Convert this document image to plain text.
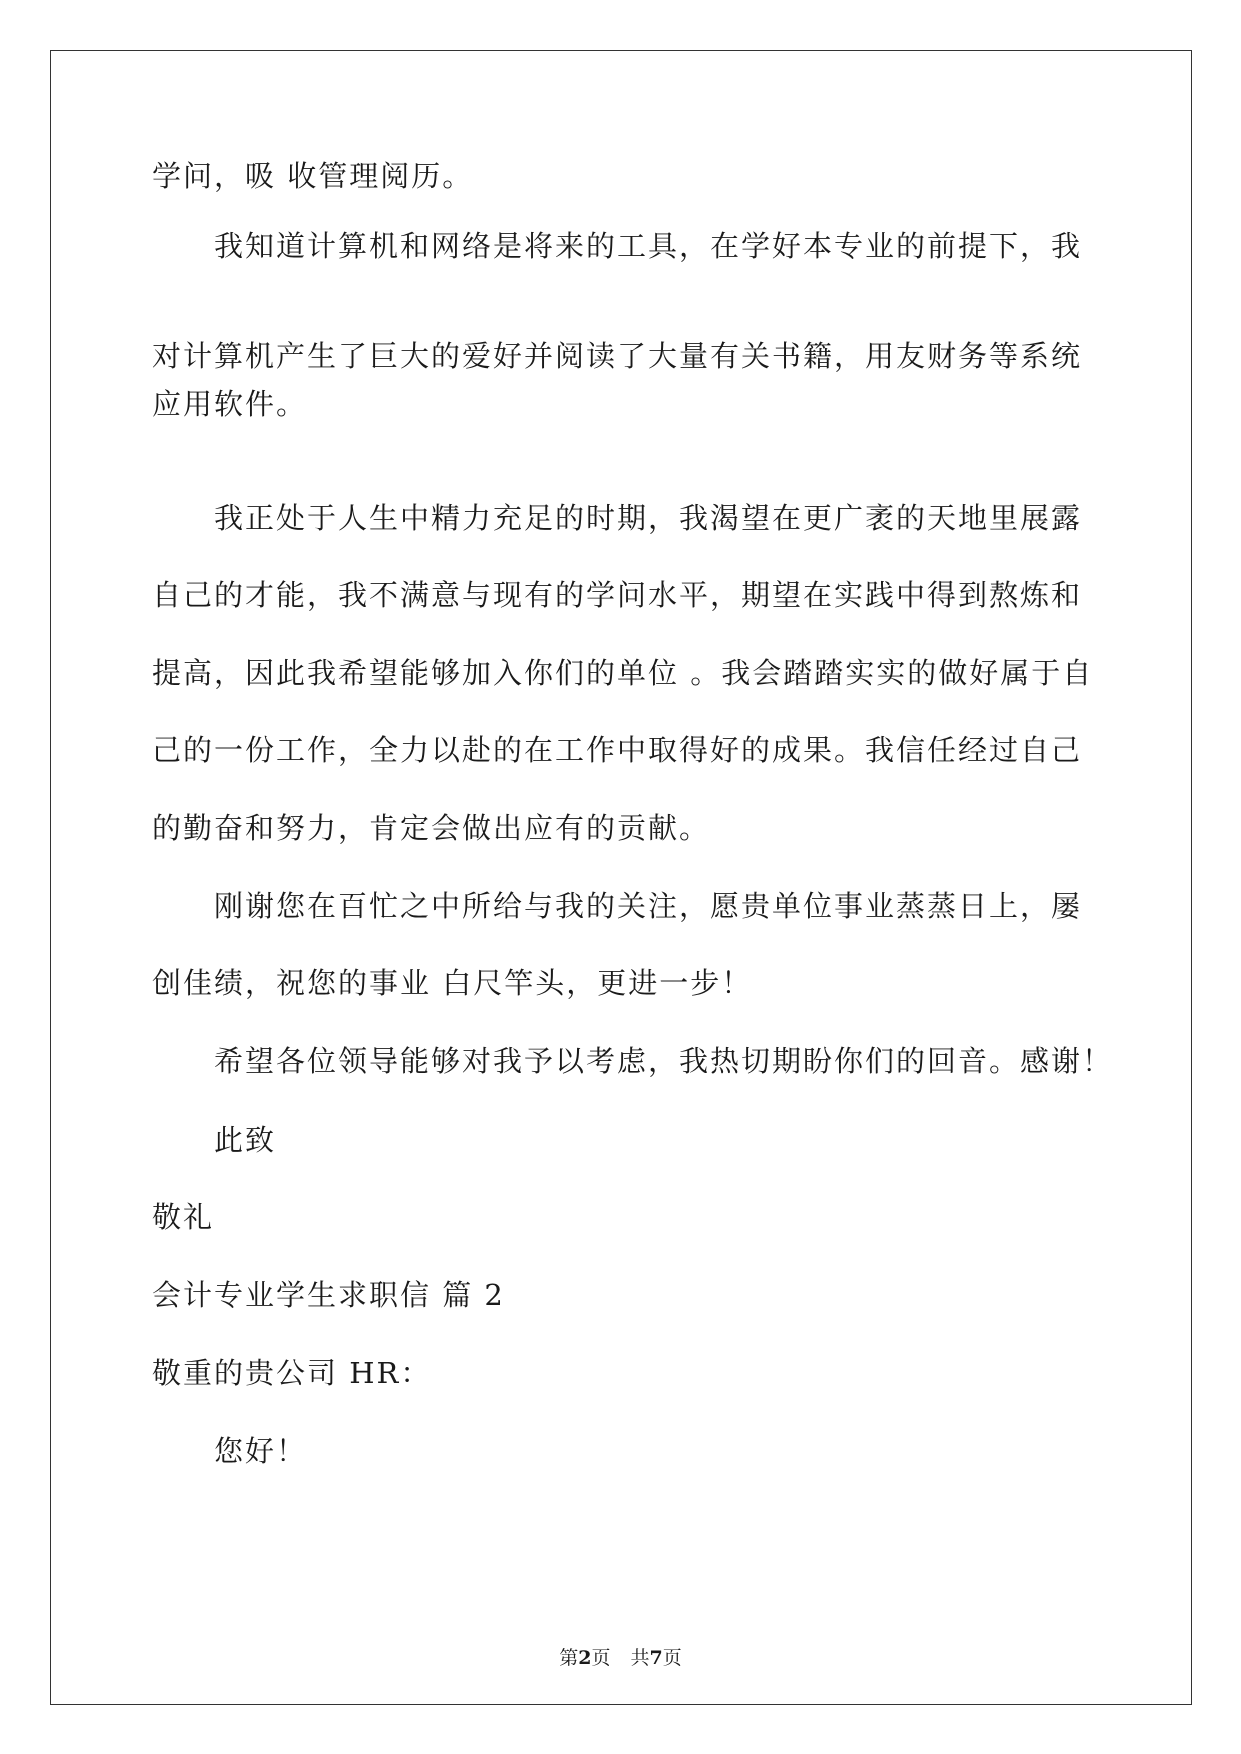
学问，吸 收管理阅历。
我知道计算机和网络是将来的工具，在学好本专业的前提下，我
对计算机产生了巨大的爱好并阅读了大量有关书籍，用友财务等系统
应用软件。
我正处于人生中精力充足的时期，我渴望在更广袤的天地里展露
自己的才能，我不满意与现有的学问水平，期望在实践中得到熬炼和
提高，因此我希望能够加入你们的单位 。我会踏踏实实的做好属于自
己的一份工作，全力以赴的在工作中取得好的成果。我信任经过自己
的勤奋和努力，肯定会做出应有的贡献。
刚谢您在百忙之中所给与我的关注，愿贵单位事业蒸蒸日上，屡
创佳绩，祝您的事业 白尺竿头，更进一步！
希望各位领导能够对我予以考虑，我热切期盼你们的回音。感谢！
此致
敬礼
会计专业学生求职信 篇 2
敬重的贵公司 HR：
您好！
第2页 共7页
